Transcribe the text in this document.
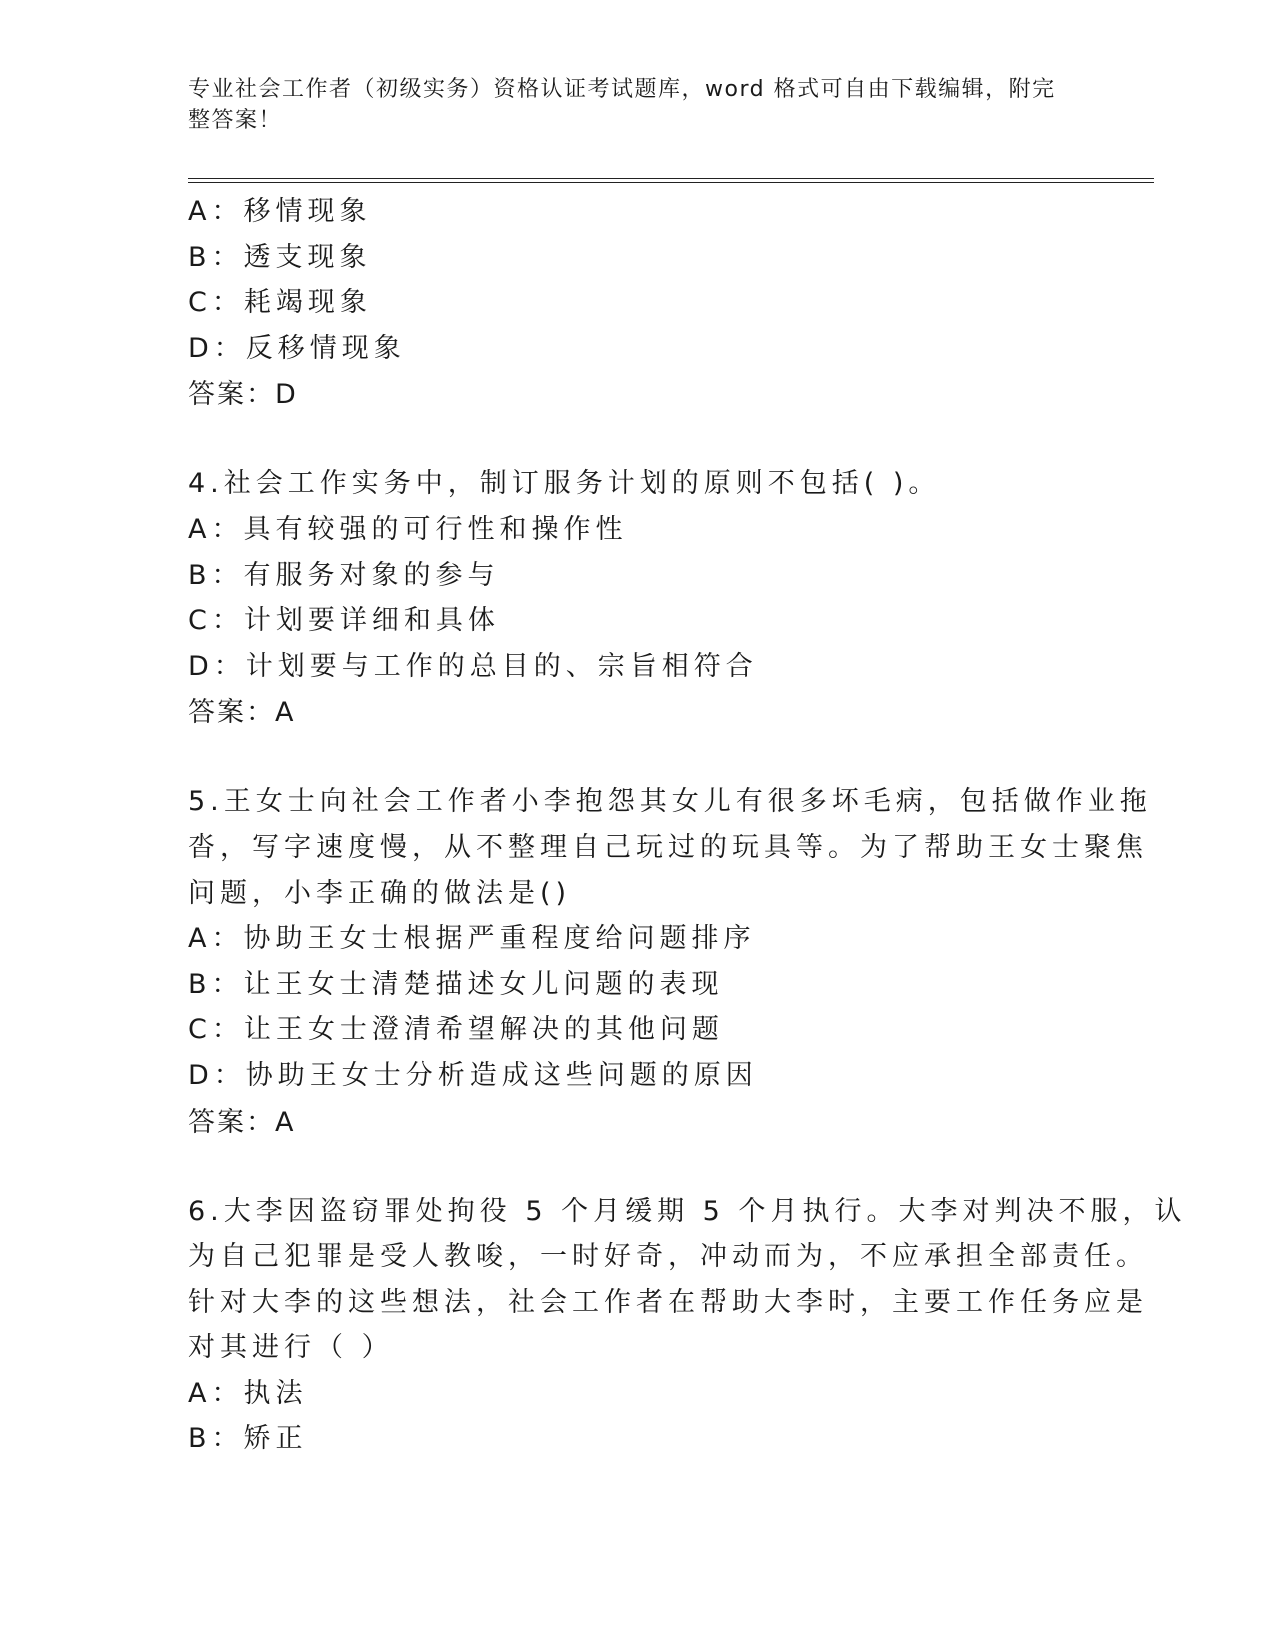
专业社会工作者（初级实务）资格认证考试题库，word 格式可自由下载编辑，附完整答案！
A：移情现象
B：透支现象
C：耗竭现象
D：反移情现象
答案：D
4.社会工作实务中，制订服务计划的原则不包括( )。
A：具有较强的可行性和操作性
B：有服务对象的参与
C：计划要详细和具体
D：计划要与工作的总目的、宗旨相符合
答案：A
5.王女士向社会工作者小李抱怨其女儿有很多坏毛病，包括做作业拖
沓，写字速度慢，从不整理自己玩过的玩具等。为了帮助王女士聚焦
问题，小李正确的做法是()
A：协助王女士根据严重程度给问题排序
B：让王女士清楚描述女儿问题的表现
C：让王女士澄清希望解决的其他问题
D：协助王女士分析造成这些问题的原因
答案：A
6.大李因盗窃罪处拘役 5 个月缓期 5 个月执行。大李对判决不服，认
为自己犯罪是受人教唆，一时好奇，冲动而为，不应承担全部责任。
针对大李的这些想法，社会工作者在帮助大李时，主要工作任务应是
对其进行（ ）
A：执法
B：矫正
